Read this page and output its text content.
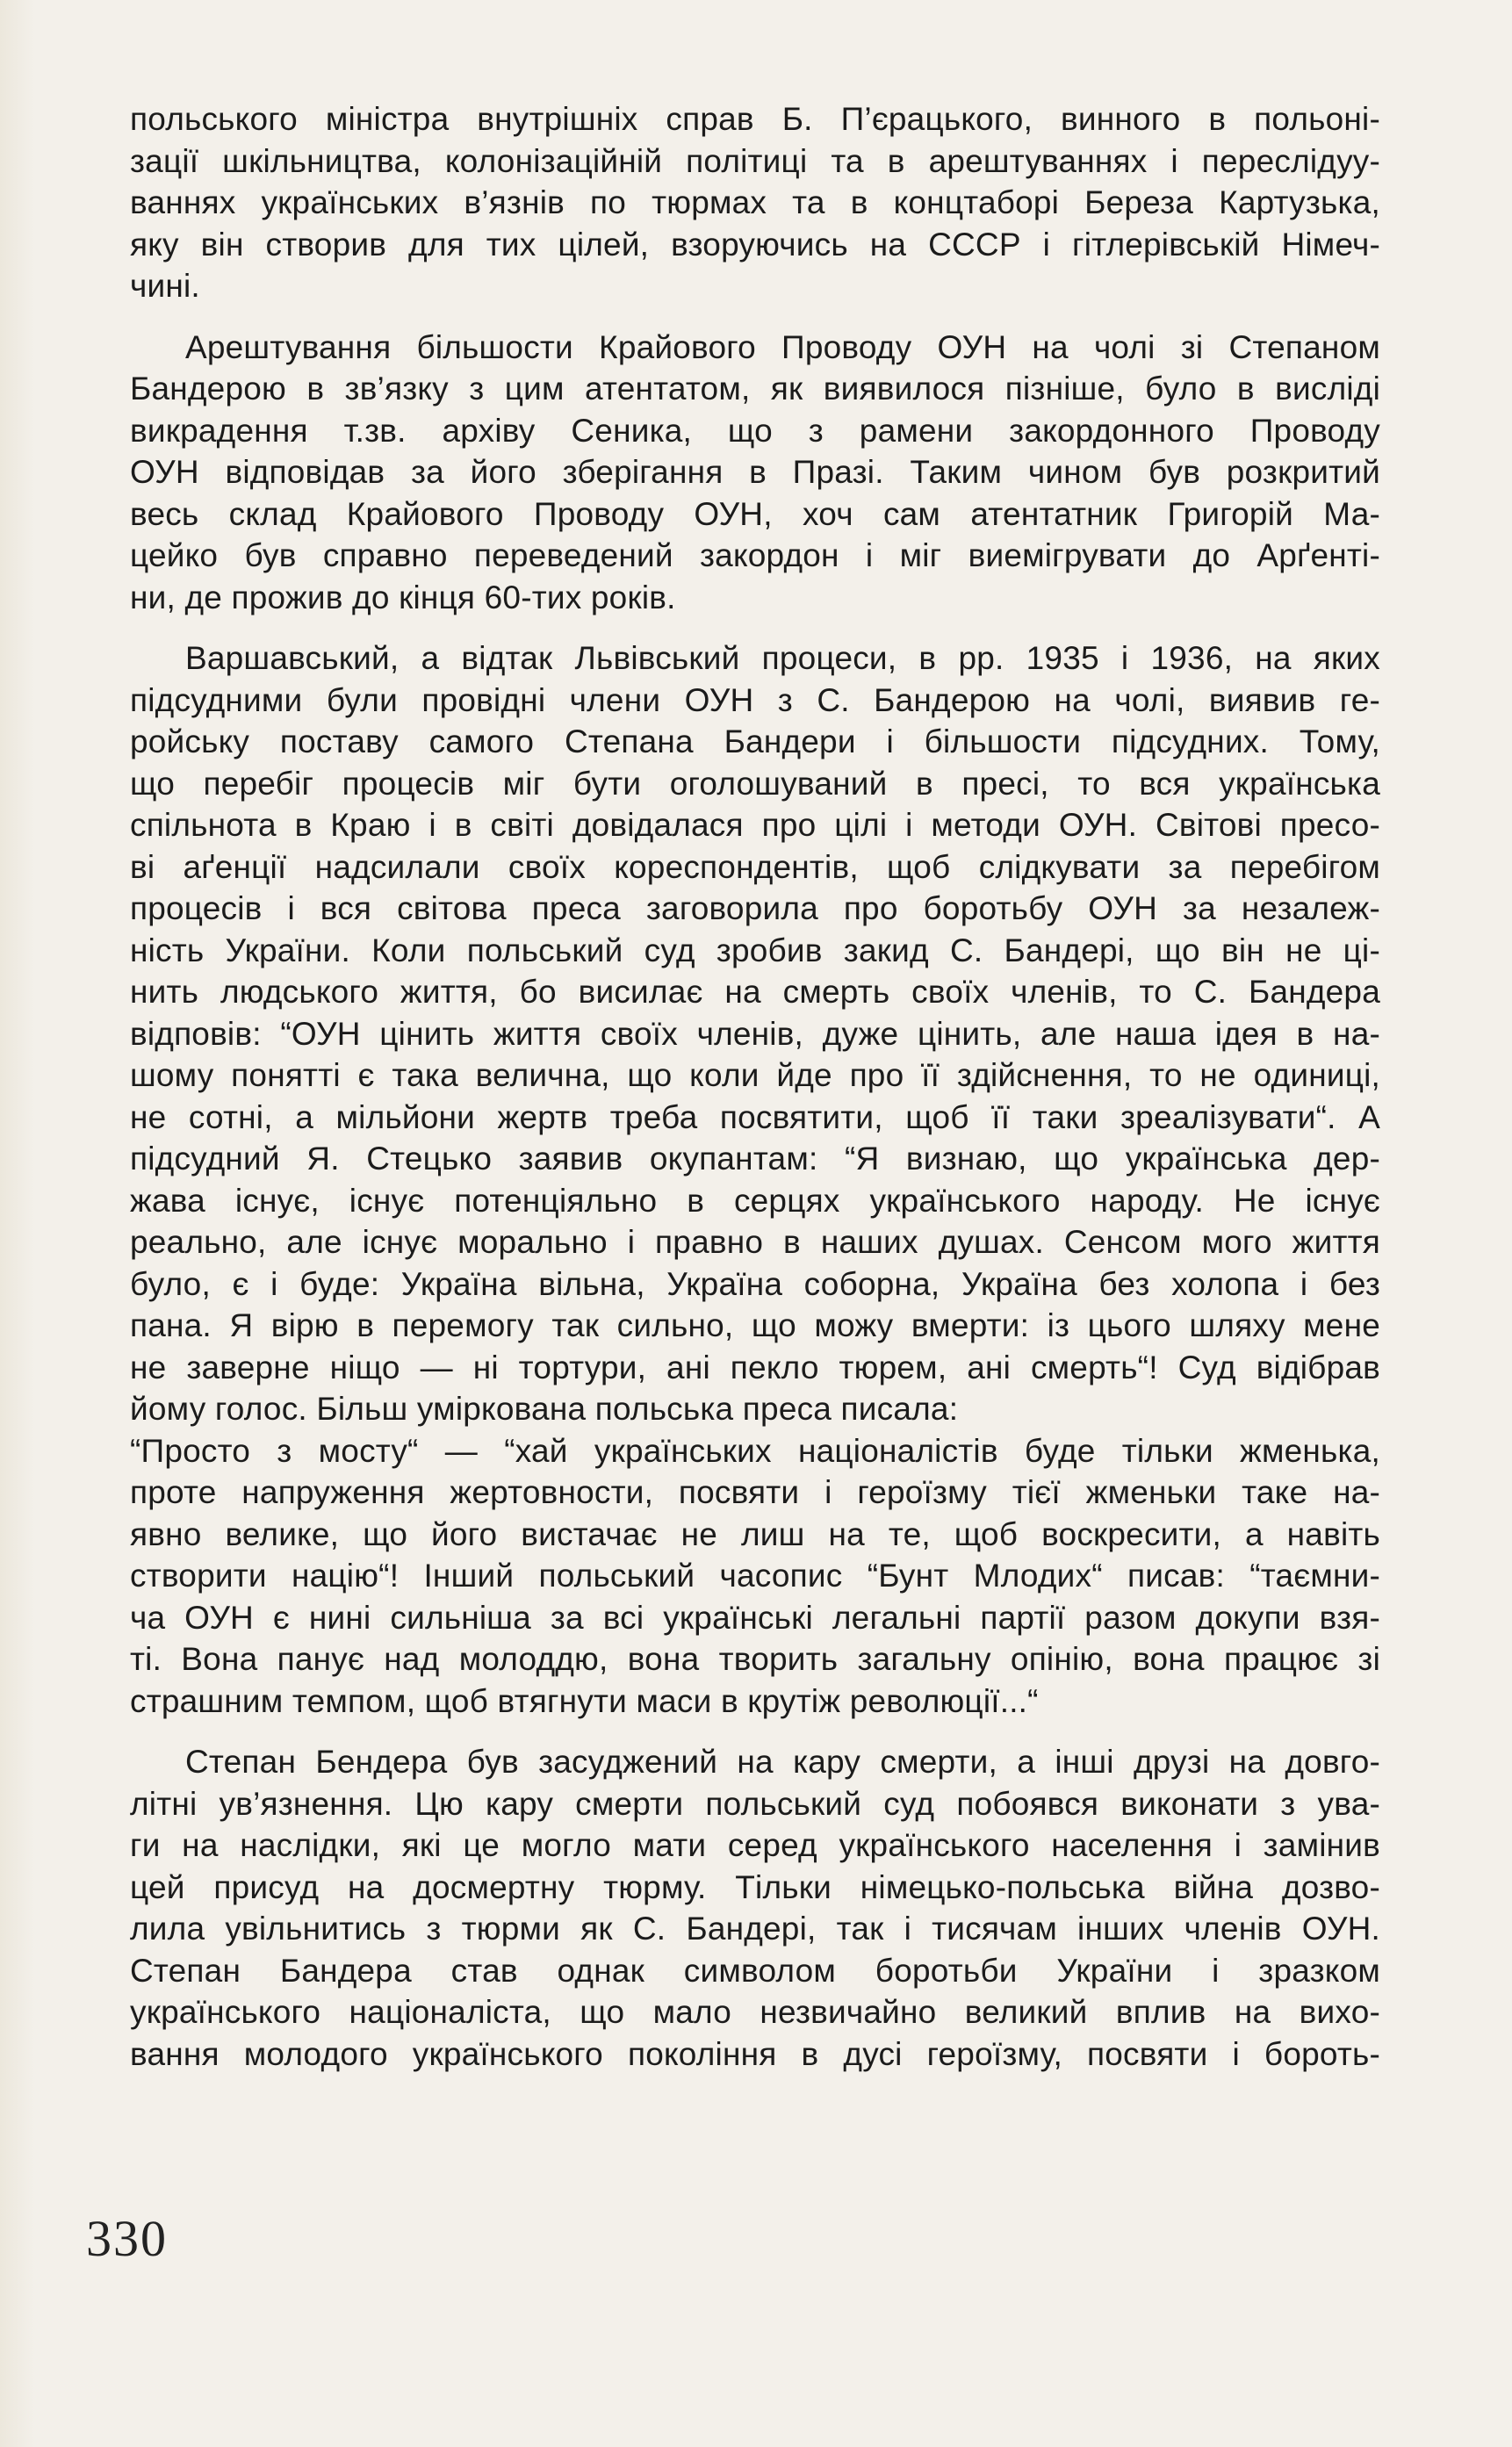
польського міністра внутрішніх справ Б. П’єрацького, винного в польоні-
зації шкільництва, колонізаційній політиці та в арештуваннях і переслідуу-
ваннях українських в’язнів по тюрмах та в концтаборі Береза Картузька,
яку він створив для тих цілей, взоруючись на СССР і гітлерівській Німеч-
чині.

Арештування більшости Крайового Проводу ОУН на чолі зі Степаном
Бандерою в зв’язку з цим атентатом, як виявилося пізніше, було в висліді
викрадення т.зв. архіву Сеника, що з рамени закордонного Проводу
ОУН відповідав за його зберігання в Празі. Таким чином був розкритий
весь склад Крайового Проводу ОУН, хоч сам атентатник Григорій Ма-
цейко був справно переведений закордон і міг виемігрувати до Арґенті-
ни, де прожив до кінця 60-тих років.

Варшавський, а відтак Львівський процеси, в рр. 1935 і 1936, на яких
підсудними були провідні члени ОУН з С. Бандерою на чолі, виявив ге-
ройську поставу самого Степана Бандери і більшости підсудних. Тому,
що перебіг процесів міг бути оголошуваний в пресі, то вся українська
спільнота в Краю і в світі довідалася про цілі і методи ОУН. Світові пресо-
ві аґенції надсилали своїх кореспондентів, щоб слідкувати за перебігом
процесів і вся світова преса заговорила про боротьбу ОУН за незалеж-
ність України. Коли польський суд зробив закид С. Бандері, що він не ці-
нить людського життя, бо висилає на смерть своїх членів, то С. Бандера
відповів: “ОУН цінить життя своїх членів, дуже цінить, але наша ідея в на-
шому понятті є така велична, що коли йде про її здійснення, то не одиниці,
не сотні, а мільйони жертв треба посвятити, щоб її таки зреалізувати“. А
підсудний Я. Стецько заявив окупантам: “Я визнаю, що українська дер-
жава існує, існує потенціяльно в серцях українського народу. Не існує
реально, але існує морально і правно в наших душах. Сенсом мого життя
було, є і буде: Україна вільна, Україна соборна, Україна без холопа і без
пана. Я вірю в перемогу так сильно, що можу вмерти: із цього шляху мене
не заверне ніщо — ні тортури, ані пекло тюрем, ані смерть“! Суд відібрав
йому голос. Більш уміркована польська преса писала:
“Просто з мосту“ — “хай українських націоналістів буде тільки жменька,
проте напруження жертовности, посвяти і героїзму тієї жменьки таке на-
явно велике, що його вистачає не лиш на те, щоб воскресити, а навіть
створити націю“! Інший польський часопис “Бунт Млодих“ писав: “таємни-
ча ОУН є нині сильніша за всі українські легальні партії разом докупи взя-
ті. Вона панує над молоддю, вона творить загальну опінію, вона працює зі
страшним темпом, щоб втягнути маси в крутіж революції...“

Степан Бендера був засуджений на кару смерти, а інші друзі на довго-
літні ув’язнення. Цю кару смерти польський суд побоявся виконати з ува-
ги на наслідки, які це могло мати серед українського населення і замінив
цей присуд на досмертну тюрму. Тільки німецько-польська війна дозво-
лила увільнитись з тюрми як С. Бандері, так і тисячам інших членів ОУН.
Степан Бандера став однак символом боротьби України і зразком
українського націоналіста, що мало незвичайно великий вплив на вихо-
вання молодого українського покоління в дусі героїзму, посвяти і бороть-

330
